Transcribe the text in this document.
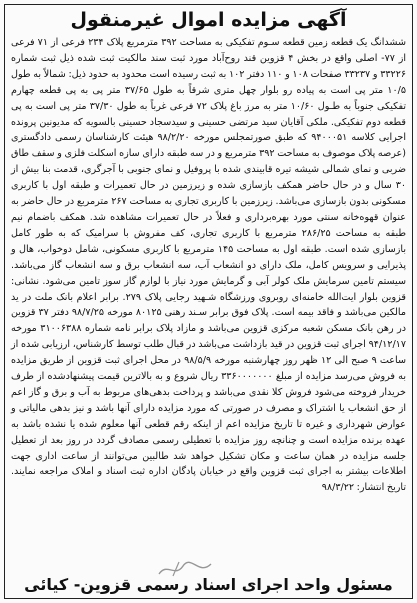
آگهی مزایده اموال غیرمنقول

ششدانگ یک قطعه زمین قطعه سـوم تفکیکی به مساحت ۳۹۲ مترمربع پلاک ۲۳۴ فرعی از ۷۱ فرعی از ۷۷- اصلی واقع در بخش ۴ قزوین قند روح‌آباد مورد ثبت سند مالکیت ثبت شده ذیل ثبت شماره ۳۳۲۲۶ و ۳۳۲۳۷ صفحات ۱۰۸ و ۱۱۰ دفتر ۱۰۲ به ثبت رسیده است محدود به حدود ذیل: شمالاً به طول ۱۰/۵ متر پی است به پیاده رو بلوار چهل متری شرقاً به طول ۳۷/۶۵ متر پی به پی قطعه چهارم تفکیکی جنوباً به طـول ۱۰/۶۰ متر به مرز باغ پلاک ۷۲ فرعی غرباً به طول ۳۷/۳۰ متر پی است به پی قطعه دوم تفکیکی. ملکی آقایان سید مرتضی حسینی و سیدسجاد حسینی بالسویه که مدیونین پرونده اجرایی کلاسه ۹۴۰۰۰۵۱ که طبق صورتمجلس مورخه ۹۸/۲/۲۰ هیئت کارشناسان رسمی دادگستری (عرصه پلاک موصوف به مساحت ۳۹۲ مترمربع و در سه طبقه دارای سازه اسکلت فلزی و سقف طاق ضربی و نمای شمالی شیشه تیره قابیندی شده با پروفیل و نمای جنوبی با آجرگری، قدمت بنا بیش از ۳۰ سال و در حال حاضر همکف بازسازی شده و زیرزمین در حال تعمیرات و طبقه اول با کاربری مسکونی بدون بازسازی می‌باشد. زیرزمین با کاربری تجاری به مساحت ۲۶۷ مترمربع در حال حاضر به عنوان قهوه‌خانه سنتی مورد بهره‌برداری و فعلاً در حال تعمیرات مشاهده شد. همکف باضمام نیم طبقه به مساحت ۲۸۶/۲۵ مترمربع با کاربری تجاری، کف مفروش با سرامیک که به طور کامل بازسازی شده است. طبقه اول به مساحت ۱۴۵ مترمربع با کاربری مسکونی، شامل دوخواب، هال و پذیرایی و سرویس کامل، ملک دارای دو انشعاب آب، سه انشعاب برق و سه انشعاب گاز می‌باشد. سیستم تامین سرمایش ملک کولر آبی و گرمایش مورد نیاز با لوازم گاز سوز تامین می‌شود. نشانی: قزوین بلوار ایت‌الله خامنه‌ای روبروی ورزشگاه شـهید رجایی پلاک ۲۷۹. برابر اعلام بانک ملت در ید مالکین می‌باشد و فاقد بیمه است. پلاک فوق برابر سـند رهنی ۸۰۱۲۵ مورخه ۹۸/۷/۲۵ دفتر ۳۷ قزوین در رهن بانک مسکن شعبه مرکزی قزوین می‌باشد و مازاد پلاک برابر نامه شماره ۳۱۰۰۶۳۸۸ مورخه ۹۴/۱۲/۱۷ اجرای ثبت قزوین در قید بازداشت می‌باشد در قبال طلب توسط کارشناس، ارزیابی شده از ساعت ۹ صبح الی ۱۲ ظهر روز چهارشنبه مورخه ۹۸/۵/۹ در محل اجرای ثبت قزوین از طریق مزایده به فروش می‌رسد مزایده از مبلغ ۳۳۶۰۰۰۰۰۰۰ ریال شروع و به بالاترین قیمت پیشنهادشده از طرف خریدار فروخته می‌شود فروش کلا نقدی می‌باشد و پرداخت بدهی‌های مربوط به آب و برق و گاز اعم از حق انشعاب یا اشتراک و مصرف در صورتی که مورد مزایده دارای آنها باشد و نیز بدهی مالیاتی و عوارض شهرداری و غیره تا تاریخ مزایده اعم از اینکه رقم قطعی آنها معلوم شده یا نشده باشد به عهده برنده مزایده است و چنانچه روز مزایده با تعطیلی رسمی مصادف گردد در روز بعد از تعطیل جلسه مزایده در همان ساعت و مکان تشکیل خواهد شد طالبین می‌توانند از ساعت اداری جهت اطلاعات بیشتر به اجرای ثبت قزوین واقع در خیابان پادگان اداره ثبت اسناد و املاک مراجعه نمایند. تاریخ انتشار: ۹۸/۳/۲۲

مسئول واحد اجرای اسناد رسمی قزوین- کیائی
